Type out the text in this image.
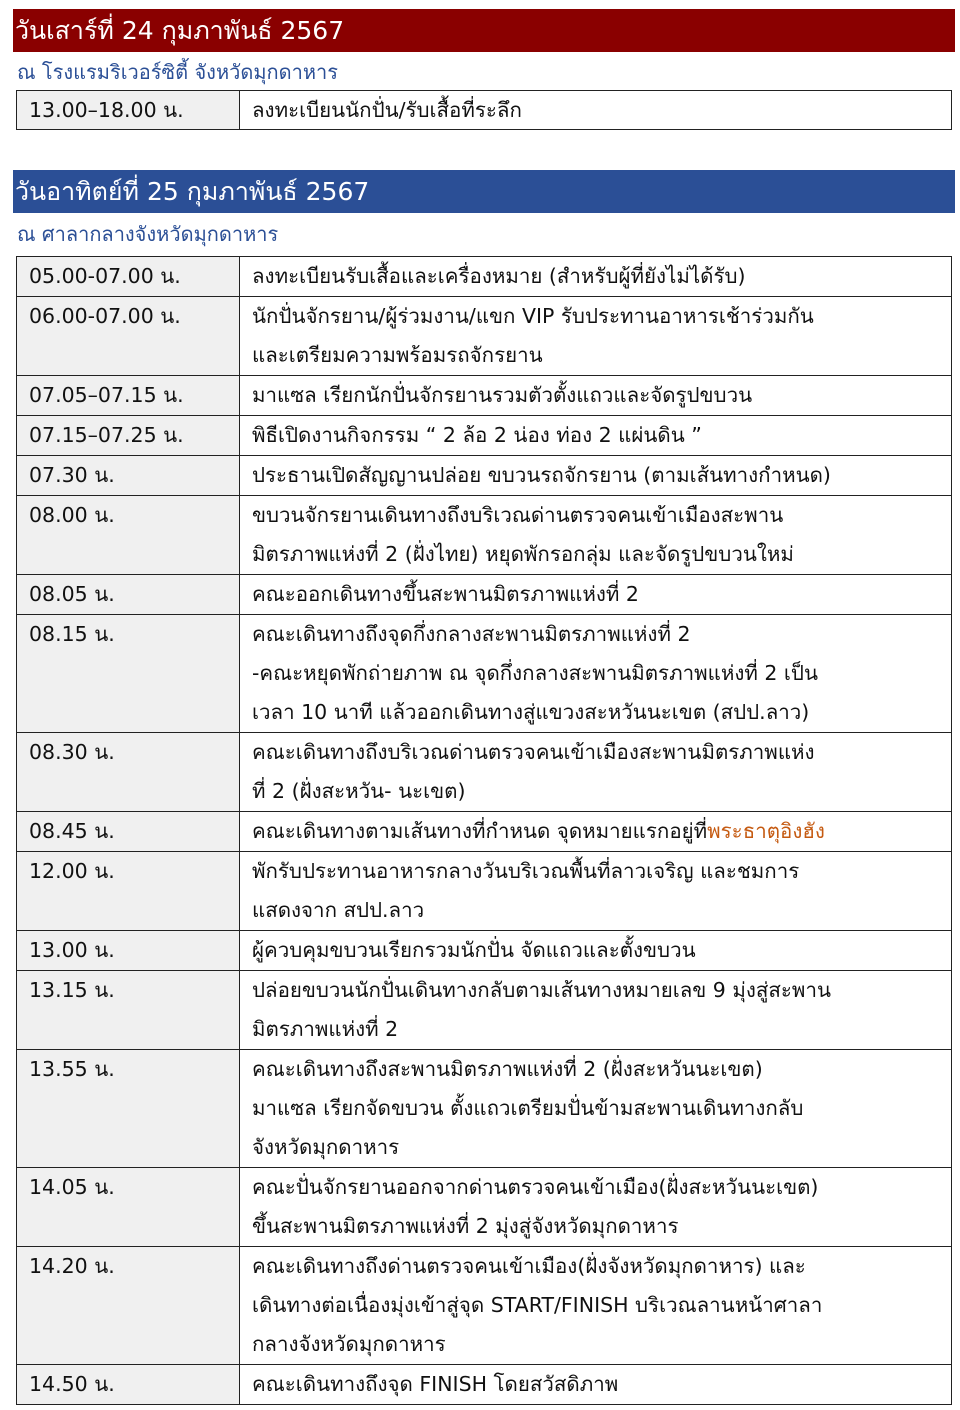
วันเสาร์ที่ 24 กุมภาพันธ์ 2567
ณ โรงแรมริเวอร์ซิตี้ จังหวัดมุกดาหาร
13.00–18.00 น.	ลงทะเบียนนักปั่น/รับเสื้อที่ระลึก
วันอาทิตย์ที่ 25 กุมภาพันธ์ 2567
ณ ศาลากลางจังหวัดมุกดาหาร
05.00-07.00 น.	ลงทะเบียนรับเสื้อและเครื่องหมาย (สำหรับผู้ที่ยังไม่ได้รับ)

06.00-07.00 น.	นักปั่นจักรยาน/ผู้ร่วมงาน/แขก VIP รับประทานอาหารเช้าร่วมกัน
และเตรียมความพร้อมรถจักรยาน

07.05–07.15 น.	มาแซล เรียกนักปั่นจักรยานรวมตัวตั้งแถวและจัดรูปขบวน

07.15–07.25 น.	พิธีเปิดงานกิจกรรม “ 2 ล้อ 2 น่อง ท่อง 2 แผ่นดิน ”

07.30 น.	ประธานเปิดสัญญานปล่อย ขบวนรถจักรยาน (ตามเส้นทางกำหนด)

08.00 น.	ขบวนจักรยานเดินทางถึงบริเวณด่านตรวจคนเข้าเมืองสะพาน
มิตรภาพแห่งที่ 2 (ฝั่งไทย) หยุดพักรอกลุ่ม และจัดรูปขบวนใหม่

08.05 น.	คณะออกเดินทางขึ้นสะพานมิตรภาพแห่งที่ 2

08.15 น.	คณะเดินทางถึงจุดกึ่งกลางสะพานมิตรภาพแห่งที่ 2
-คณะหยุดพักถ่ายภาพ ณ จุดกึ่งกลางสะพานมิตรภาพแห่งที่ 2 เป็น
เวลา 10 นาที แล้วออกเดินทางสู่แขวงสะหวันนะเขต (สปป.ลาว)

08.30 น.	คณะเดินทางถึงบริเวณด่านตรวจคนเข้าเมืองสะพานมิตรภาพแห่ง
ที่ 2 (ฝั่งสะหวัน- นะเขต)

08.45 น.	คณะเดินทางตามเส้นทางที่กำหนด จุดหมายแรกอยู่ที่พระธาตุอิงฮัง

12.00 น.	พักรับประทานอาหารกลางวันบริเวณพื้นที่ลาวเจริญ และชมการ
แสดงจาก สปป.ลาว

13.00 น.	ผู้ควบคุมขบวนเรียกรวมนักปั่น จัดแถวและตั้งขบวน

13.15 น.	ปล่อยขบวนนักปั่นเดินทางกลับตามเส้นทางหมายเลข 9 มุ่งสู่สะพาน
มิตรภาพแห่งที่ 2

13.55 น.	คณะเดินทางถึงสะพานมิตรภาพแห่งที่ 2 (ฝั่งสะหวันนะเขต)
มาแซล เรียกจัดขบวน ตั้งแถวเตรียมปั่นข้ามสะพานเดินทางกลับ
จังหวัดมุกดาหาร

14.05 น.	คณะปั่นจักรยานออกจากด่านตรวจคนเข้าเมือง(ฝั่งสะหวันนะเขต)
ขึ้นสะพานมิตรภาพแห่งที่ 2 มุ่งสู่จังหวัดมุกดาหาร

14.20 น.	คณะเดินทางถึงด่านตรวจคนเข้าเมือง(ฝั่งจังหวัดมุกดาหาร) และ
เดินทางต่อเนื่องมุ่งเข้าสู่จุด START/FINISH บริเวณลานหน้าศาลา
กลางจังหวัดมุกดาหาร

14.50 น.	คณะเดินทางถึงจุด FINISH โดยสวัสดิภาพ
